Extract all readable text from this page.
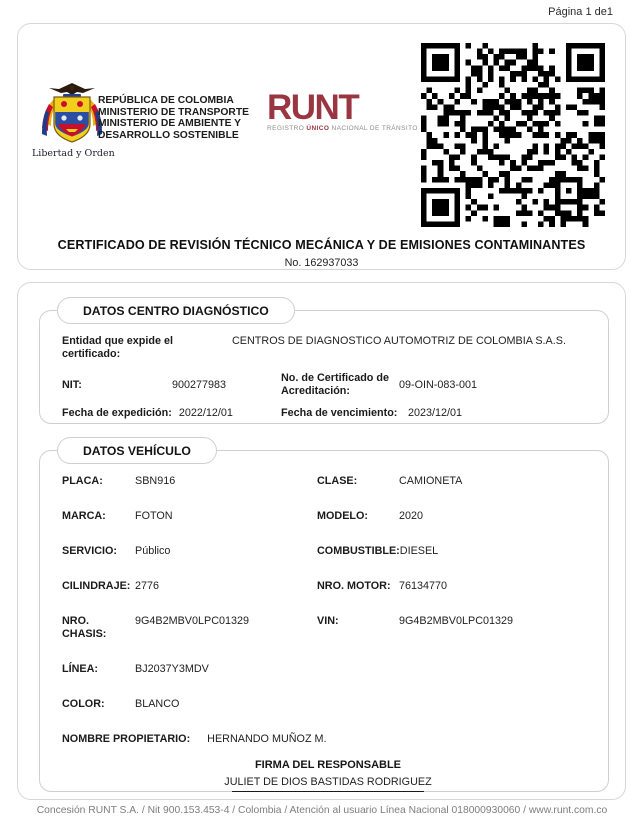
Página 1 de1
Libertad y Orden
REPÚBLICA DE COLOMBIA
MINISTERIO DE TRANSPORTE
MINISTERIO DE AMBIENTE Y
DESARROLLO SOSTENIBLE
RUNT
REGISTRO ÚNICO NACIONAL DE TRÁNSITO
CERTIFICADO DE REVISIÓN TÉCNICO MECÁNICA Y DE EMISIONES CONTAMINANTES
No. 162937033
DATOS CENTRO DIAGNÓSTICO
Entidad que expide el certificado:
CENTROS DE DIAGNOSTICO AUTOMOTRIZ DE COLOMBIA S.A.S.
NIT:	900277983
No. de Certificado de Acreditación:
09-OIN-083-001
Fecha de expedición: 2022/12/01	Fecha de vencimiento: 2023/12/01
DATOS VEHÍCULO
PLACA:	SBN916	CLASE:	CAMIONETA
MARCA:	FOTON	MODELO:	2020
SERVICIO:	Público	COMBUSTIBLE: DIESEL
CILINDRAJE: 2776	NRO. MOTOR: 76134770
NRO. CHASIS:
9G4B2MBV0LPC01329	VIN:	9G4B2MBV0LPC01329
LÍNEA:	BJ2037Y3MDV
COLOR:	BLANCO
NOMBRE PROPIETARIO: HERNANDO MUÑOZ M.
FIRMA DEL RESPONSABLE
JULIET DE DIOS BASTIDAS RODRIGUEZ
Concesión RUNT S.A. / Nit 900.153.453-4 / Colombia / Atención al usuario Línea Nacional 018000930060 / www.runt.com.co
